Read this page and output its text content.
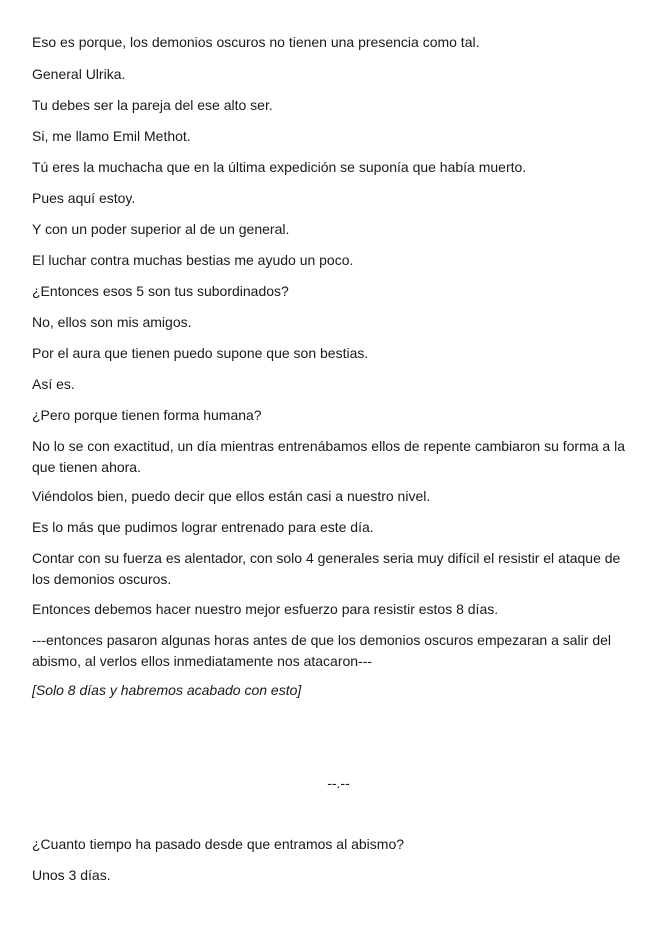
Eso es porque, los demonios oscuros no tienen una presencia como tal.

General Ulrika.

Tu debes ser la pareja del ese alto ser.

Si, me llamo Emil Methot.

Tú eres la muchacha que en la última expedición se suponía que había muerto.

Pues aquí estoy.

Y con un poder superior al de un general.

El luchar contra muchas bestias me ayudo un poco.

¿Entonces esos 5 son tus subordinados?

No, ellos son mis amigos.

Por el aura que tienen puedo supone que son bestias.

Así es.

¿Pero porque tienen forma humana?

No lo se con exactitud, un día mientras entrenábamos ellos de repente cambiaron su forma a la que tienen ahora.

Viéndolos bien, puedo decir que ellos están casi a nuestro nivel.

Es lo más que pudimos lograr entrenado para este día.

Contar con su fuerza es alentador, con solo 4 generales seria muy difícil el resistir el ataque de los demonios oscuros.

Entonces debemos hacer nuestro mejor esfuerzo para resistir estos 8 días.

---entonces pasaron algunas horas antes de que los demonios oscuros empezaran a salir del abismo, al verlos ellos inmediatamente nos atacaron---

[Solo 8 días y habremos acabado con esto]

--.--

¿Cuanto tiempo ha pasado desde que entramos al abismo?

Unos 3 días.
